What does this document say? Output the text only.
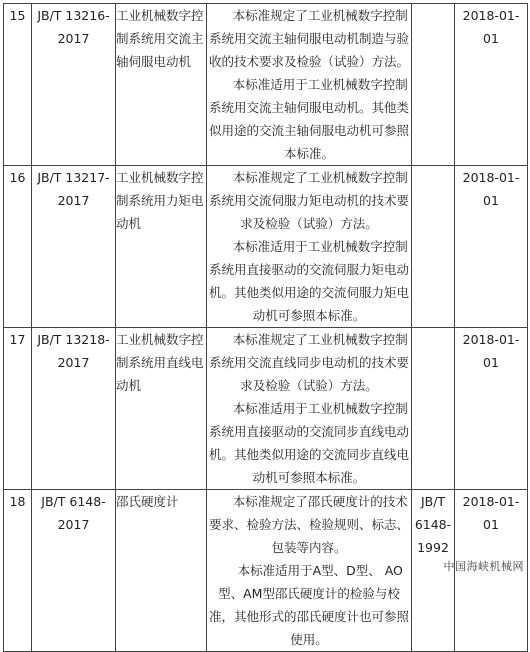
15	JB/T 13216-2017	工业机械数字控制系统用交流主轴伺服电动机	本标准规定了工业机械数字控制系统用交流主轴伺服电动机制造与验收的技术要求及检验（试验）方法。

本标准适用于工业机械数字控制系统用交流主轴伺服电动机。其他类似用途的交流主轴伺服电动机可参照本标准。		2018-01-01
16	JB/T 13217-2017	工业机械数字控制系统用力矩电动机	本标准规定了工业机械数字控制系统用交流伺服力矩电动机的技术要求及检验（试验）方法。

本标准适用于工业机械数字控制系统用直接驱动的交流伺服力矩电动机。其他类似用途的交流伺服力矩电动机可参照本标准。		2018-01-01
17	JB/T 13218-2017	工业机械数字控制系统用直线电动机	本标准规定了工业机械数字控制系统用交流直线同步电动机的技术要求及检验（试验）方法。

本标准适用于工业机械数字控制系统用直接驱动的交流同步直线电动机。其他类似用途的交流同步直线电动机可参照本标准。		2018-01-01
18	JB/T 6148-2017	邵氏硬度计	本标准规定了邵氏硬度计的技术要求、检验方法、检验规则、标志、包装等内容。

本标准适用于A型、D型、 AO型、AM型邵氏硬度计的检验与校准，其他形式的邵氏硬度计也可参照使用。	JB/T 6148-1992	2018-01-01
中国海峡机械网
